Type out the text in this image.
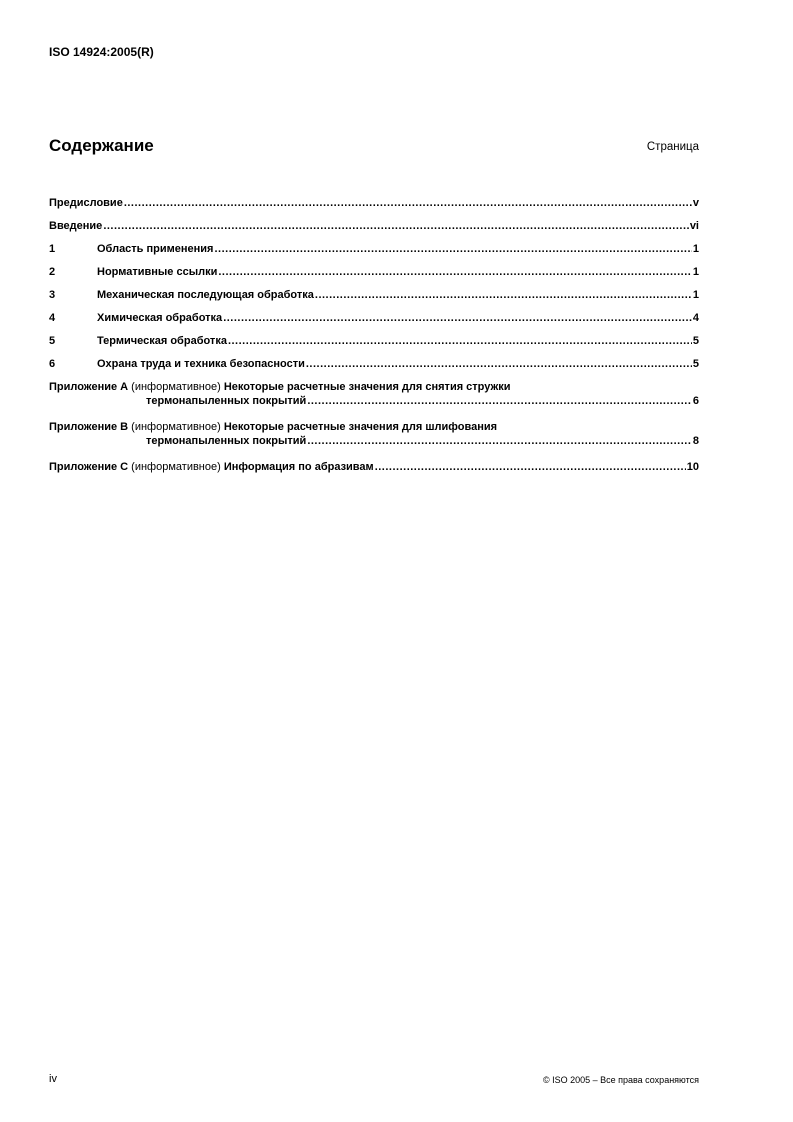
ISO 14924:2005(R)
Содержание	Страница
Предисловие .....	v
Введение .....	vi
1	Область применения .....	1
2	Нормативные ссылки .....	1
3	Механическая последующая обработка .....	1
4	Химическая обработка .....	4
5	Термическая обработка .....	5
6	Охрана труда и техника безопасности .....	5
Приложение A (информативное) Некоторые расчетные значения для снятия стружки
термонапыленных покрытий .....	6
Приложение B (информативное) Некоторые расчетные значения для шлифования
термонапыленных покрытий .....	8
Приложение C
(информативное)
Информация по абразивам .....	10
iv	© ISO 2005 – Все права сохраняются
